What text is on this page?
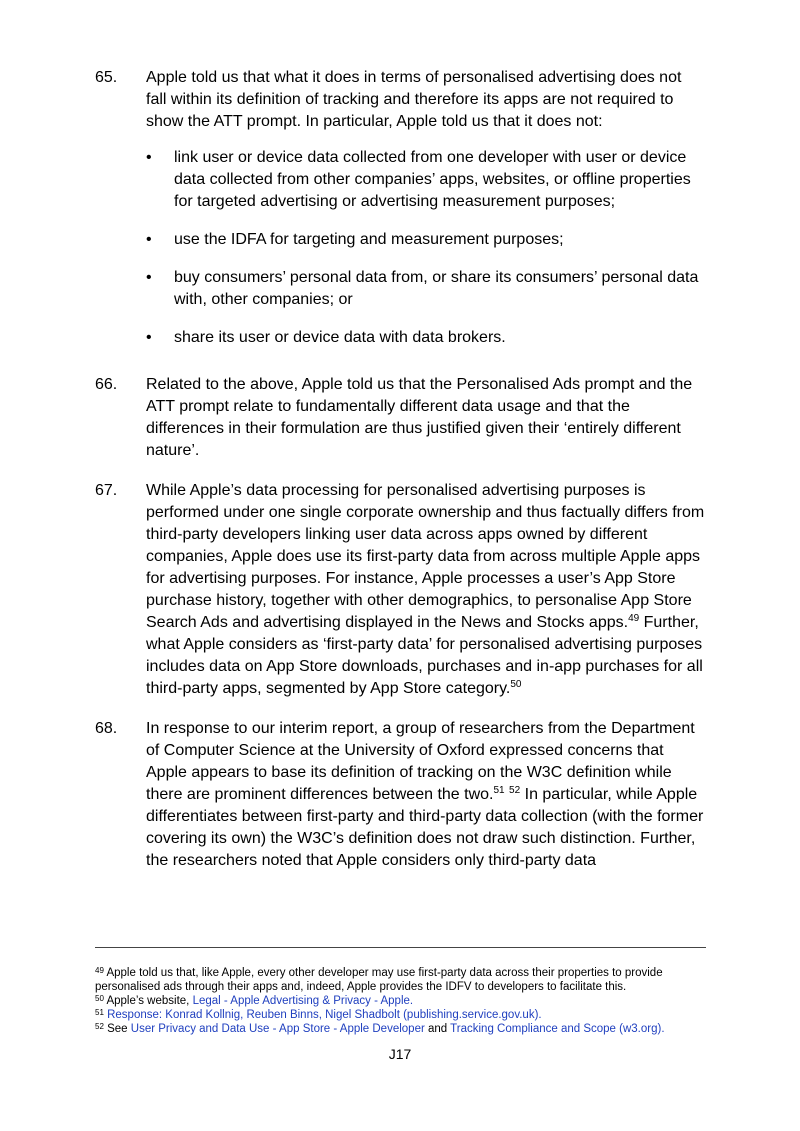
65. Apple told us that what it does in terms of personalised advertising does not fall within its definition of tracking and therefore its apps are not required to show the ATT prompt. In particular, Apple told us that it does not:
• link user or device data collected from one developer with user or device data collected from other companies’ apps, websites, or offline properties for targeted advertising or advertising measurement purposes;
• use the IDFA for targeting and measurement purposes;
• buy consumers’ personal data from, or share its consumers’ personal data with, other companies; or
• share its user or device data with data brokers.
66. Related to the above, Apple told us that the Personalised Ads prompt and the ATT prompt relate to fundamentally different data usage and that the differences in their formulation are thus justified given their ‘entirely different nature’.
67. While Apple’s data processing for personalised advertising purposes is performed under one single corporate ownership and thus factually differs from third-party developers linking user data across apps owned by different companies, Apple does use its first-party data from across multiple Apple apps for advertising purposes. For instance, Apple processes a user’s App Store purchase history, together with other demographics, to personalise App Store Search Ads and advertising displayed in the News and Stocks apps.$^{49}$ Further, what Apple considers as ‘first-party data’ for personalised advertising purposes includes data on App Store downloads, purchases and in-app purchases for all third-party apps, segmented by App Store category.$^{50}$
68. In response to our interim report, a group of researchers from the Department of Computer Science at the University of Oxford expressed concerns that Apple appears to base its definition of tracking on the W3C definition while there are prominent differences between the two.$^{51}$ $^{52}$ In particular, while Apple differentiates between first-party and third-party data collection (with the former covering its own) the W3C’s definition does not draw such distinction. Further, the researchers noted that Apple considers only third-party data

$^{49}$ Apple told us that, like Apple, every other developer may use first-party data across their properties to provide personalised ads through their apps and, indeed, Apple provides the IDFV to developers to facilitate this.

$^{50}$ Apple’s website, Legal - Apple Advertising & Privacy - Apple.

$^{51}$ Response: Konrad Kollnig, Reuben Binns, Nigel Shadbolt (publishing.service.gov.uk).

$^{52}$ See User Privacy and Data Use - App Store - Apple Developer and Tracking Compliance and Scope (w3.org).

J17
